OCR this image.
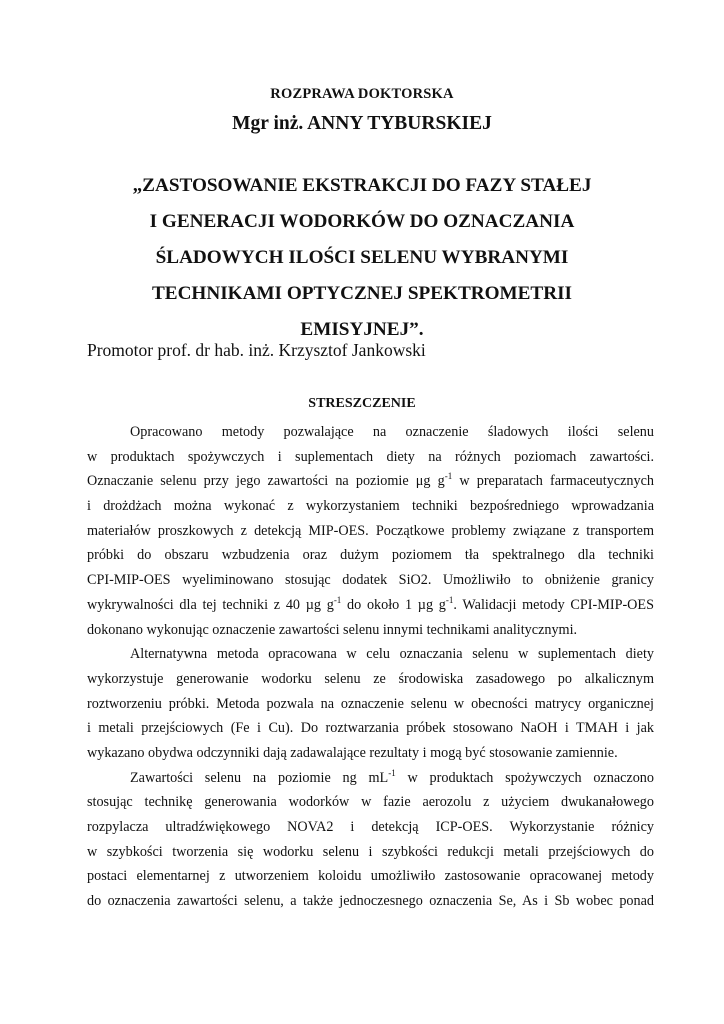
ROZPRAWA DOKTORSKA
Mgr inż. ANNY TYBURSKIEJ
„ZASTOSOWANIE EKSTRAKCJI DO FAZY STAŁEJ
I GENERACJI WODORKÓW DO OZNACZANIA
ŚLADOWYCH ILOŚCI SELENU WYBRANYMI
TECHNIKAMI OPTYCZNEJ SPEKTROMETRII
EMISYJNEJ”.
Promotor prof. dr hab. inż. Krzysztof Jankowski
STRESZCZENIE
Opracowano metody pozwalające na oznaczenie śladowych ilości selenu
w produktach spożywczych i suplementach diety na różnych poziomach zawartości.
Oznaczanie selenu przy jego zawartości na poziomie μg $g^{-1}$ w preparatach farmaceutycznych
i drożdżach można wykonać z wykorzystaniem techniki bezpośredniego wprowadzania
materiałów proszkowych z detekcją MIP-OES. Początkowe problemy związane z transportem
próbki do obszaru wzbudzenia oraz dużym poziomem tła spektralnego dla techniki
CPI-MIP-OES wyeliminowano stosując dodatek SiO2. Umożliwiło to obniżenie granicy
wykrywalności dla tej techniki z 40 µg $g^{-1}$ do około 1 µg $g^{-1}$. Walidacji metody CPI-MIP-OES
dokonano wykonując oznaczenie zawartości selenu innymi technikami analitycznymi.
Alternatywna metoda opracowana w celu oznaczania selenu w suplementach diety
wykorzystuje generowanie wodorku selenu ze środowiska zasadowego po alkalicznym
roztworzeniu próbki. Metoda pozwala na oznaczenie selenu w obecności matrycy organicznej
i metali przejściowych (Fe i Cu). Do roztwarzania próbek stosowano NaOH i TMAH i jak
wykazano obydwa odczynniki dają zadawalające rezultaty i mogą być stosowanie zamiennie.
Zawartości selenu na poziomie ng $mL^{-1}$ w produktach spożywczych oznaczono
stosując technikę generowania wodorków w fazie aerozolu z użyciem dwukanałowego
rozpylacza ultradźwiękowego NOVA2 i detekcją ICP-OES. Wykorzystanie różnicy
w szybkości tworzenia się wodorku selenu i szybkości redukcji metali przejściowych do
postaci elementarnej z utworzeniem koloidu umożliwiło zastosowanie opracowanej metody
do oznaczenia zawartości selenu, a także jednoczesnego oznaczenia Se, As i Sb wobec ponad
